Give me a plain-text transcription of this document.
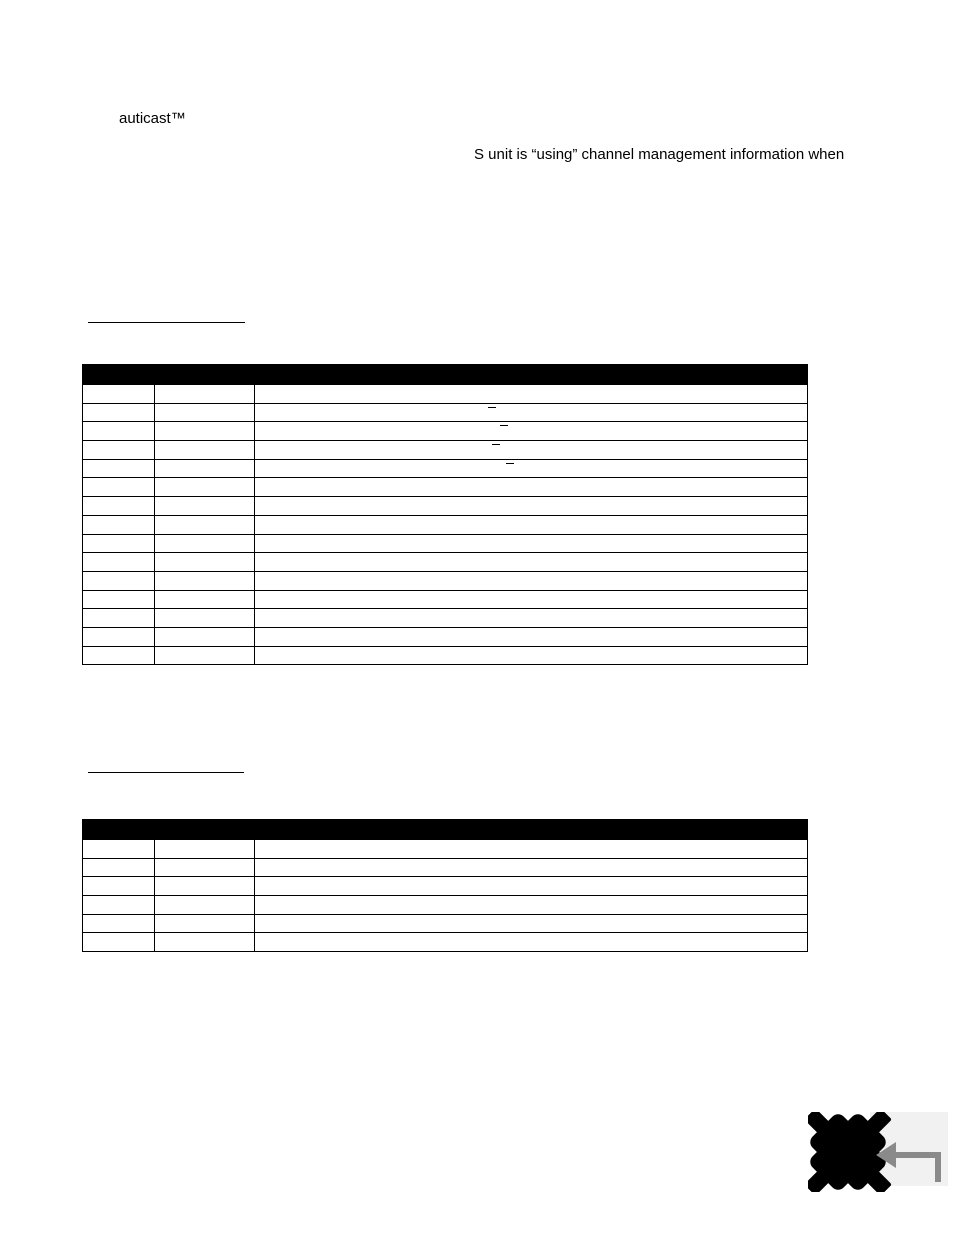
auticast™
S unit is “using” channel management information when
